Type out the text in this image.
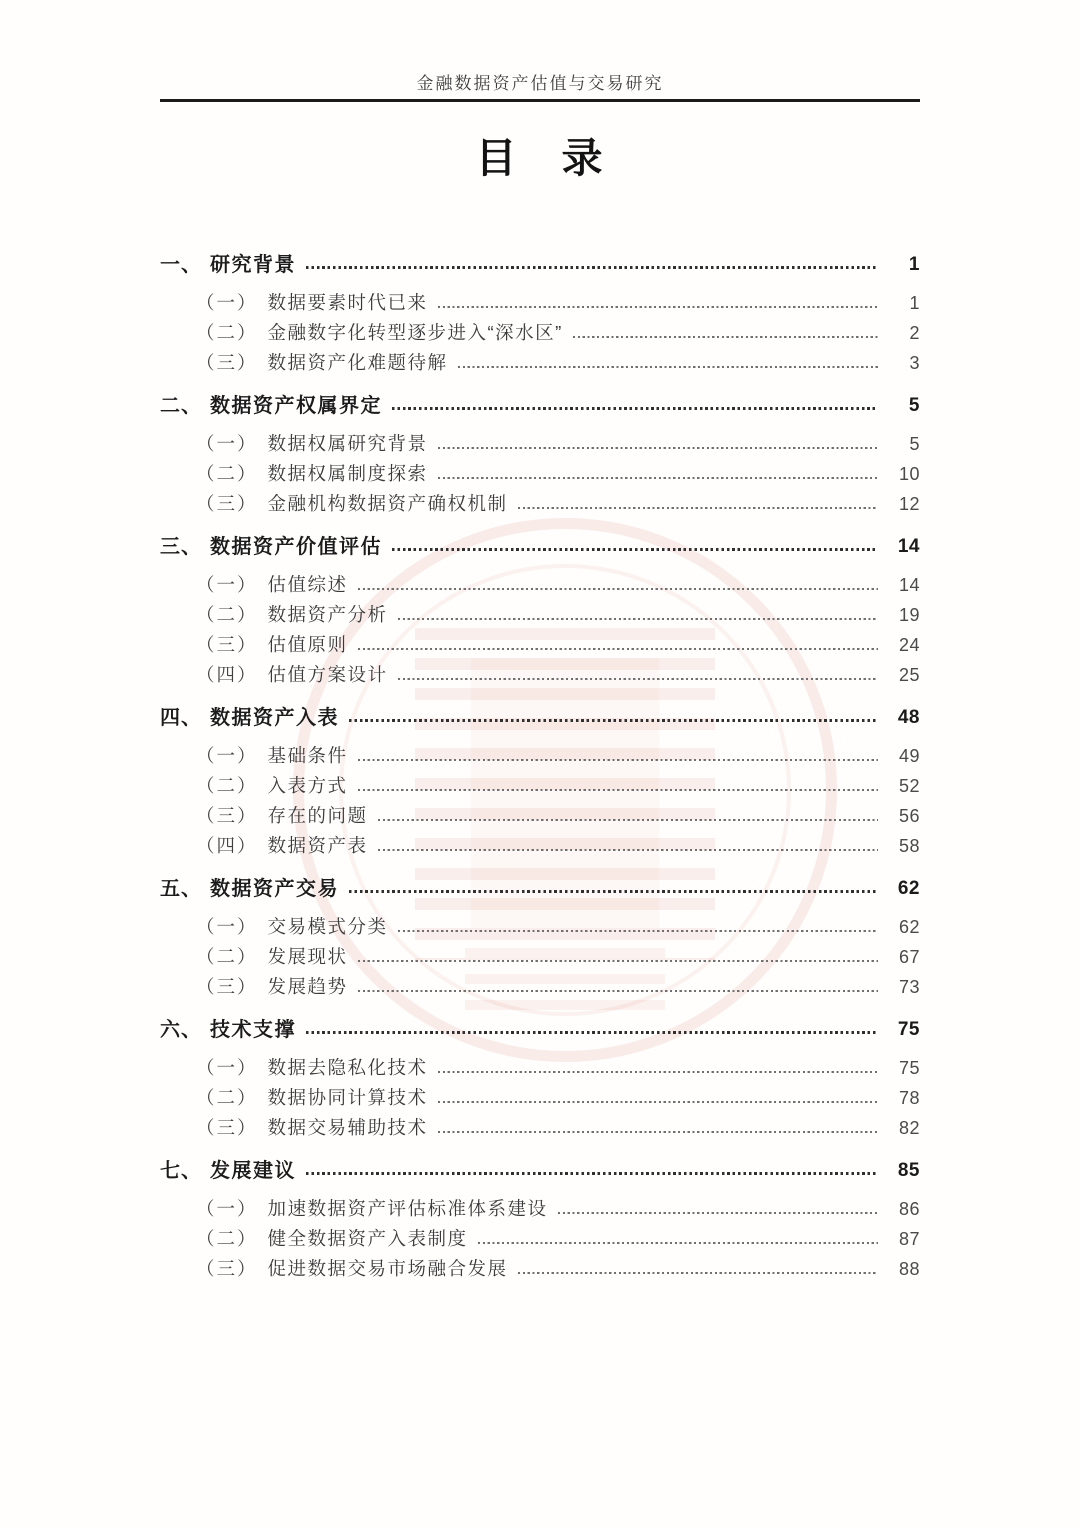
金融数据资产估值与交易研究
目　录
一、 研究背景	1
（一） 数据要素时代已来	1
（二） 金融数字化转型逐步进入“深水区”	2
（三） 数据资产化难题待解	3
二、 数据资产权属界定	5
（一） 数据权属研究背景	5
（二） 数据权属制度探索	10
（三） 金融机构数据资产确权机制	12
三、 数据资产价值评估	14
（一） 估值综述	14
（二） 数据资产分析	19
（三） 估值原则	24
（四） 估值方案设计	25
四、 数据资产入表	48
（一） 基础条件	49
（二） 入表方式	52
（三） 存在的问题	56
（四） 数据资产表	58
五、 数据资产交易	62
（一） 交易模式分类	62
（二） 发展现状	67
（三） 发展趋势	73
六、 技术支撑	75
（一） 数据去隐私化技术	75
（二） 数据协同计算技术	78
（三） 数据交易辅助技术	82
七、 发展建议	85
（一） 加速数据资产评估标准体系建设	86
（二） 健全数据资产入表制度	87
（三） 促进数据交易市场融合发展	88
